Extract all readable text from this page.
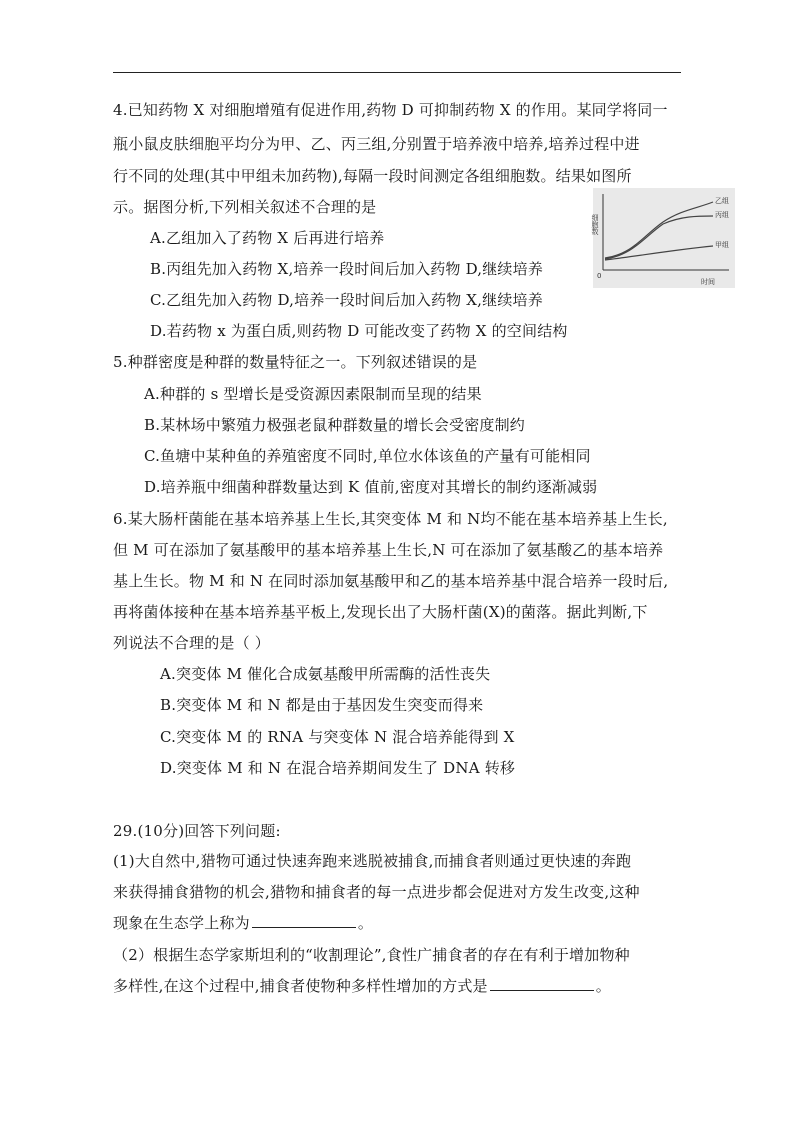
4.已知药物 X 对细胞增殖有促进作用,药物 D 可抑制药物 X 的作用。某同学将同一
瓶小鼠皮肤细胞平均分为甲、乙、丙三组,分别置于培养液中培养,培养过程中进
行不同的处理(其中甲组未加药物),每隔一段时间测定各组细胞数。结果如图所
示。据图分析,下列相关叙述不合理的是
A.乙组加入了药物 X 后再进行培养
B.丙组先加入药物 X,培养一段时间后加入药物 D,继续培养
C.乙组先加入药物 D,培养一段时间后加入药物 X,继续培养
D.若药物 x 为蛋白质,则药物 D 可能改变了药物 X 的空间结构
细胞数
0
时间
乙组
丙组
甲组
5.种群密度是种群的数量特征之一。下列叙述错误的是
A.种群的 s 型增长是受资源因素限制而呈现的结果
B.某林场中繁殖力极强老鼠种群数量的增长会受密度制约
C.鱼塘中某种鱼的养殖密度不同时,单位水体该鱼的产量有可能相同
D.培养瓶中细菌种群数量达到 K 值前,密度对其增长的制约逐渐减弱
6.某大肠杆菌能在基本培养基上生长,其突变体 M 和 N均不能在基本培养基上生长,
但 M 可在添加了氨基酸甲的基本培养基上生长,N 可在添加了氨基酸乙的基本培养
基上生长。物 M 和 N 在同时添加氨基酸甲和乙的基本培养基中混合培养一段时后,
再将菌体接种在基本培养基平板上,发现长出了大肠杆菌(X)的菌落。据此判断,下
列说法不合理的是（ ）
A.突变体 M 催化合成氨基酸甲所需酶的活性丧失
B.突变体 M 和 N 都是由于基因发生突变而得来
C.突变体 M 的 RNA 与突变体 N 混合培养能得到 X
D.突变体 M 和 N 在混合培养期间发生了 DNA 转移
29.(10分)回答下列问题:
(1)大自然中,猎物可通过快速奔跑来逃脱被捕食,而捕食者则通过更快速的奔跑
来获得捕食猎物的机会,猎物和捕食者的每一点进步都会促进对方发生改变,这种
现象在生态学上称为	。
（2）根据生态学家斯坦利的“收割理论”,食性广捕食者的存在有利于增加物种
多样性,在这个过程中,捕食者使物种多样性增加的方式是	。
